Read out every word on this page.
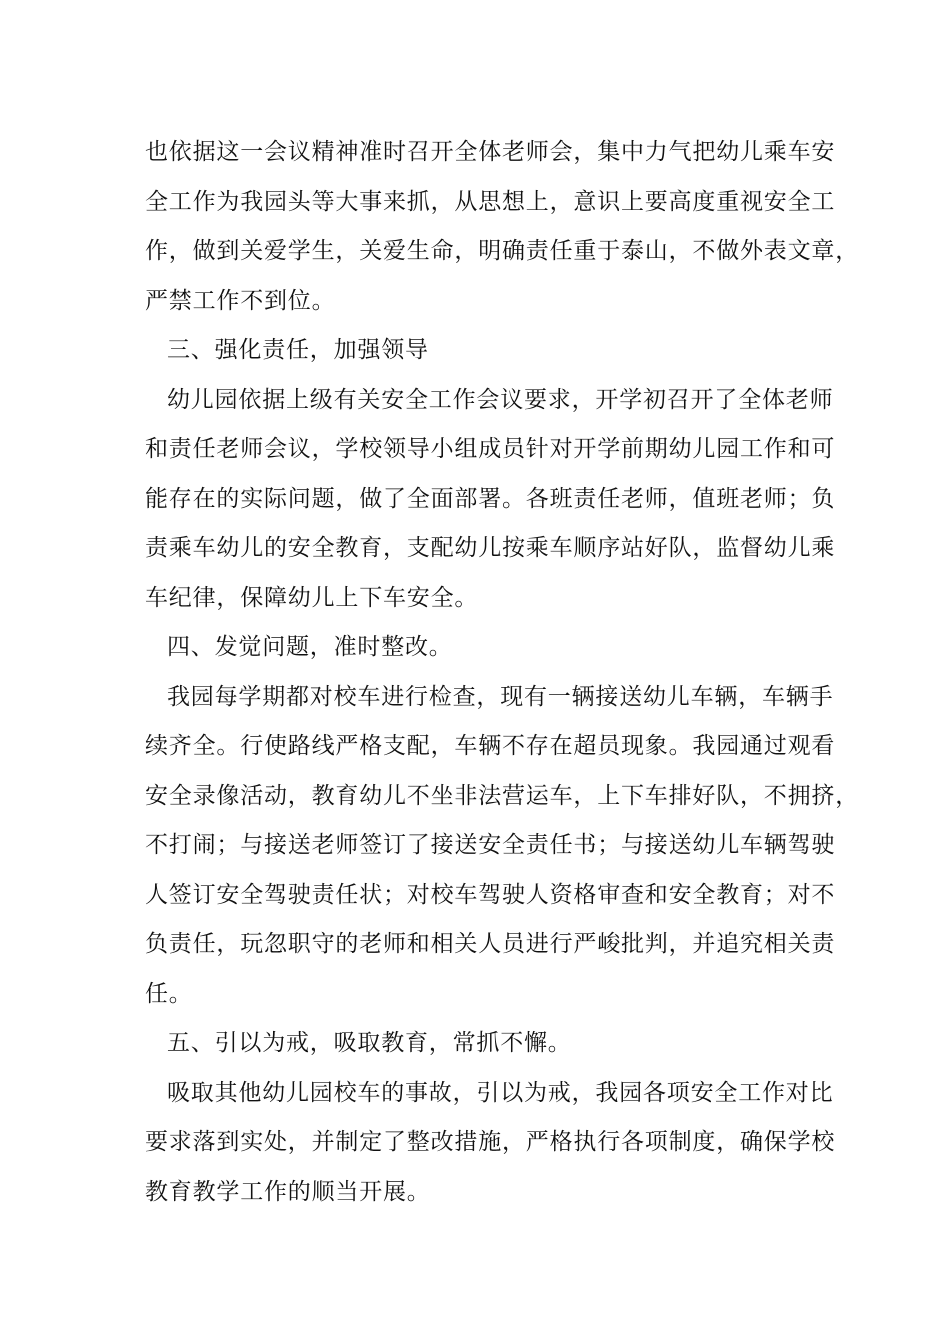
也依据这一会议精神准时召开全体老师会，集中力气把幼儿乘车安
全工作为我园头等大事来抓，从思想上，意识上要高度重视安全工
作，做到关爱学生，关爱生命，明确责任重于泰山，不做外表文章，
严禁工作不到位。

三、强化责任，加强领导

幼儿园依据上级有关安全工作会议要求，开学初召开了全体老师
和责任老师会议，学校领导小组成员针对开学前期幼儿园工作和可
能存在的实际问题，做了全面部署。各班责任老师，值班老师；负
责乘车幼儿的安全教育，支配幼儿按乘车顺序站好队，监督幼儿乘
车纪律，保障幼儿上下车安全。

四、发觉问题，准时整改。

我园每学期都对校车进行检查，现有一辆接送幼儿车辆，车辆手
续齐全。行使路线严格支配，车辆不存在超员现象。我园通过观看
安全录像活动，教育幼儿不坐非法营运车，上下车排好队，不拥挤，
不打闹；与接送老师签订了接送安全责任书；与接送幼儿车辆驾驶
人签订安全驾驶责任状；对校车驾驶人资格审查和安全教育；对不
负责任，玩忽职守的老师和相关人员进行严峻批判，并追究相关责
任。

五、引以为戒，吸取教育，常抓不懈。

吸取其他幼儿园校车的事故，引以为戒，我园各项安全工作对比
要求落到实处，并制定了整改措施，严格执行各项制度，确保学校
教育教学工作的顺当开展。
